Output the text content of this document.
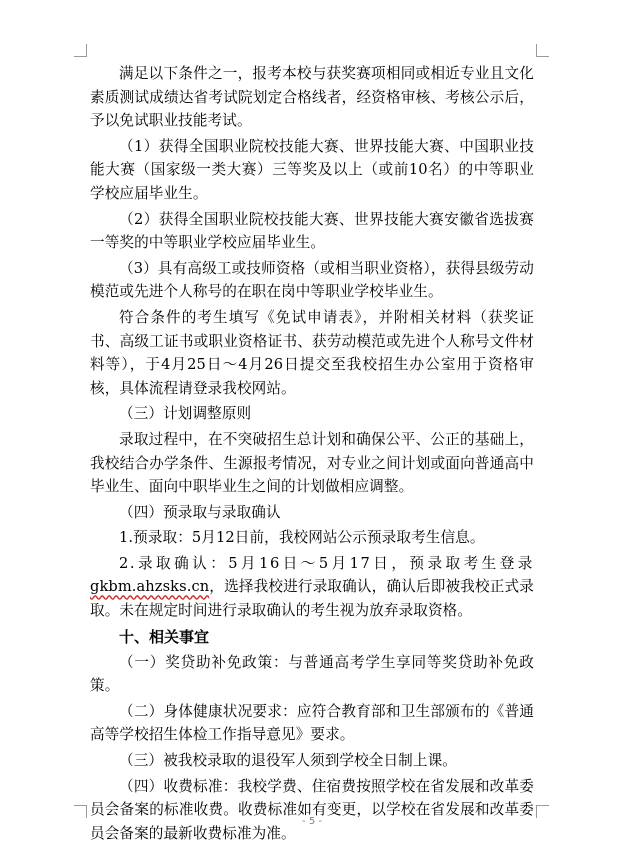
满足以下条件之一，报考本校与获奖赛项相同或相近专业且文化素质测试成绩达省考试院划定合格线者，经资格审核、考核公示后，予以免试职业技能考试。

（1）获得全国职业院校技能大赛、世界技能大赛、中国职业技能大赛（国家级一类大赛）三等奖及以上（或前10名）的中等职业学校应届毕业生。

（2）获得全国职业院校技能大赛、世界技能大赛安徽省选拔赛一等奖的中等职业学校应届毕业生。

（3）具有高级工或技师资格（或相当职业资格），获得县级劳动模范或先进个人称号的在职在岗中等职业学校毕业生。

符合条件的考生填写《免试申请表》，并附相关材料（获奖证书、高级工证书或职业资格证书、获劳动模范或先进个人称号文件材料等），于4月25日～4月26日提交至我校招生办公室用于资格审核，具体流程请登录我校网站。

（三）计划调整原则

录取过程中，在不突破招生总计划和确保公平、公正的基础上，我校结合办学条件、生源报考情况，对专业之间计划或面向普通高中毕业生、面向中职毕业生之间的计划做相应调整。

（四）预录取与录取确认

1.预录取：5月12日前，我校网站公示预录取考生信息。

2.录取确认：5月16日～5月17日，预录取考生登录gkbm.ahzsks.cn，选择我校进行录取确认，确认后即被我校正式录取。未在规定时间进行录取确认的考生视为放弃录取资格。

十、相关事宜

（一）奖贷助补免政策：与普通高考学生享同等奖贷助补免政策。

（二）身体健康状况要求：应符合教育部和卫生部颁布的《普通高等学校招生体检工作指导意见》要求。

（三）被我校录取的退役军人须到学校全日制上课。

（四）收费标准：我校学费、住宿费按照学校在省发展和改革委员会备案的标准收费。收费标准如有变更，以学校在省发展和改革委员会备案的最新收费标准为准。

- 5 -
